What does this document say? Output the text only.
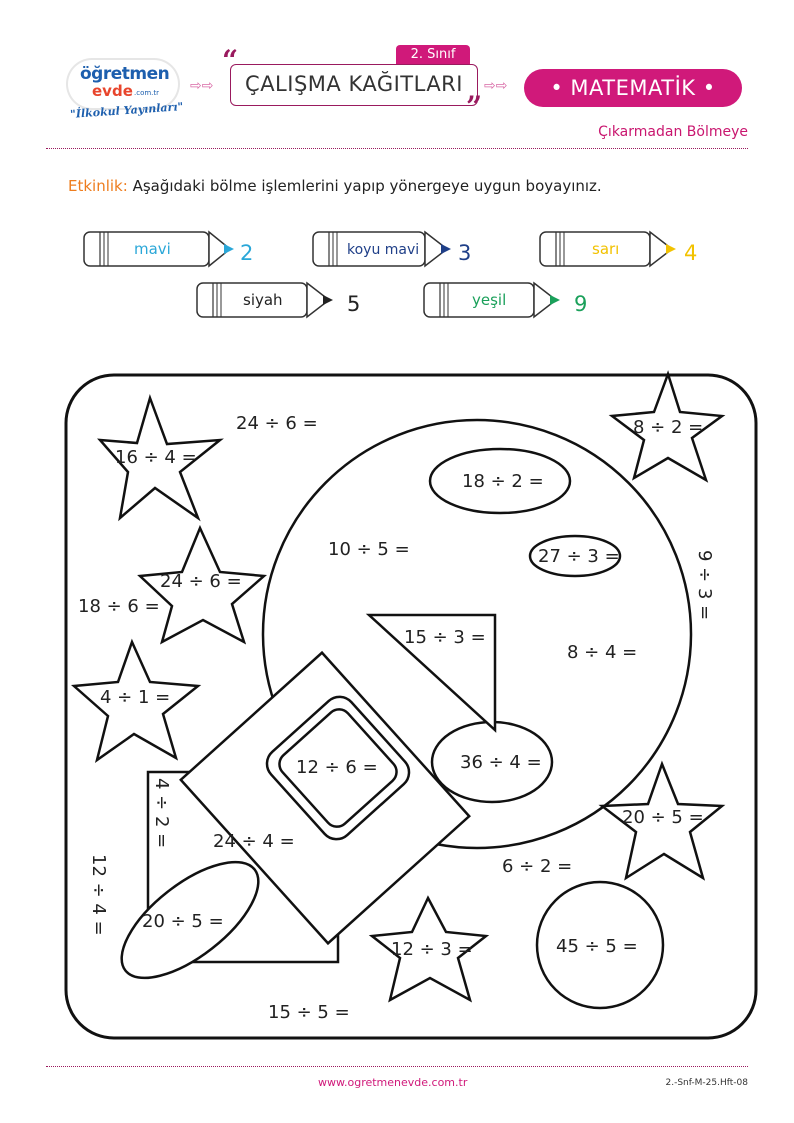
öğretmen
evde .com.tr
"İlkokul Yayınları"
⇨⇨
2. Sınıf
“
ÇALIŞMA KAĞITLARI
”
⇨⇨	• MATEMATİK •
Çıkarmadan Bölmeye
Etkinlik: Aşağıdaki bölme işlemlerini yapıp yönergeye uygun boyayınız.
mavi	2	koyu mavi 3	sarı	4
siyah	5	yeşil	9
24 ÷ 6 =
16 ÷ 4 =
8 ÷ 2 =
18 ÷ 2 =
10 ÷ 5 =	27 ÷ 3 =
24 ÷ 6 =
18 ÷ 6 =
15 ÷ 3 =
8 ÷ 4 =
4 ÷ 1 =
12 ÷ 6 =	36 ÷ 4 =
24 ÷ 4 =
20 ÷ 5 =
6 ÷ 2 =
20 ÷ 5 =
12 ÷ 3 =	45 ÷ 5 =
15 ÷ 5 =
9 ÷ 3 =
4 ÷ 2 =
12 ÷ 4 =
www.ogretmenevde.com.tr	2.-Snf-M-25.Hft-08
